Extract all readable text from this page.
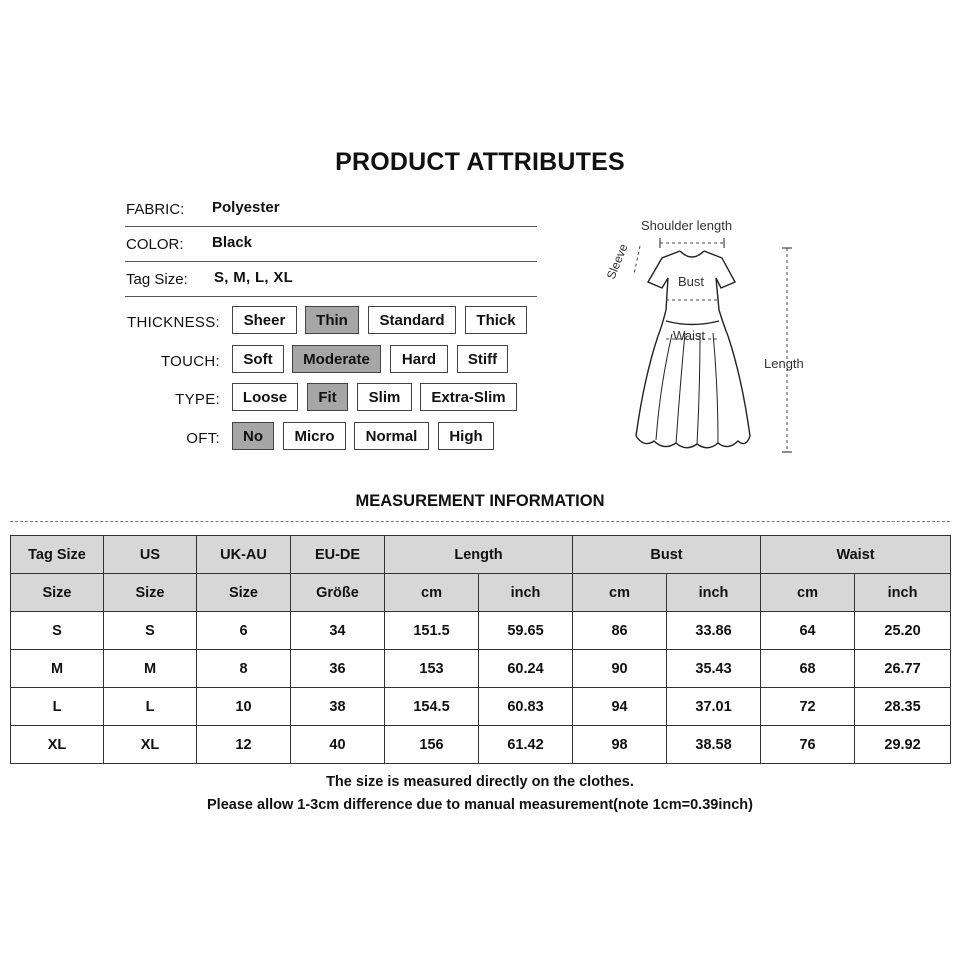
PRODUCT ATTRIBUTES
FABRIC: Polyester
COLOR: Black
Tag Size: S, M, L, XL
THICKNESS:	Sheer	Thin	Standard	Thick
TOUCH:	Soft	Moderate	Hard	Stiff
TYPE:	Loose	Fit	Slim	Extra-Slim
OFT:	No	Micro	Normal	High
Shoulder length
Sleeve
Bust
Waist
Length
MEASUREMENT INFORMATION
Tag Size	US	UK-AU	EU-DE	Length		Bust		Waist	
Size	Size	Size	Größe	cm	inch	cm	inch	cm	inch
S	S	6	34	151.5	59.65	86	33.86	64	25.20
M	M	8	36	153	60.24	90	35.43	68	26.77
L	L	10	38	154.5	60.83	94	37.01	72	28.35
XL	XL	12	40	156	61.42	98	38.58	76	29.92
The size is measured directly on the clothes.
Please allow 1-3cm difference due to manual measurement(note 1cm=0.39inch)
